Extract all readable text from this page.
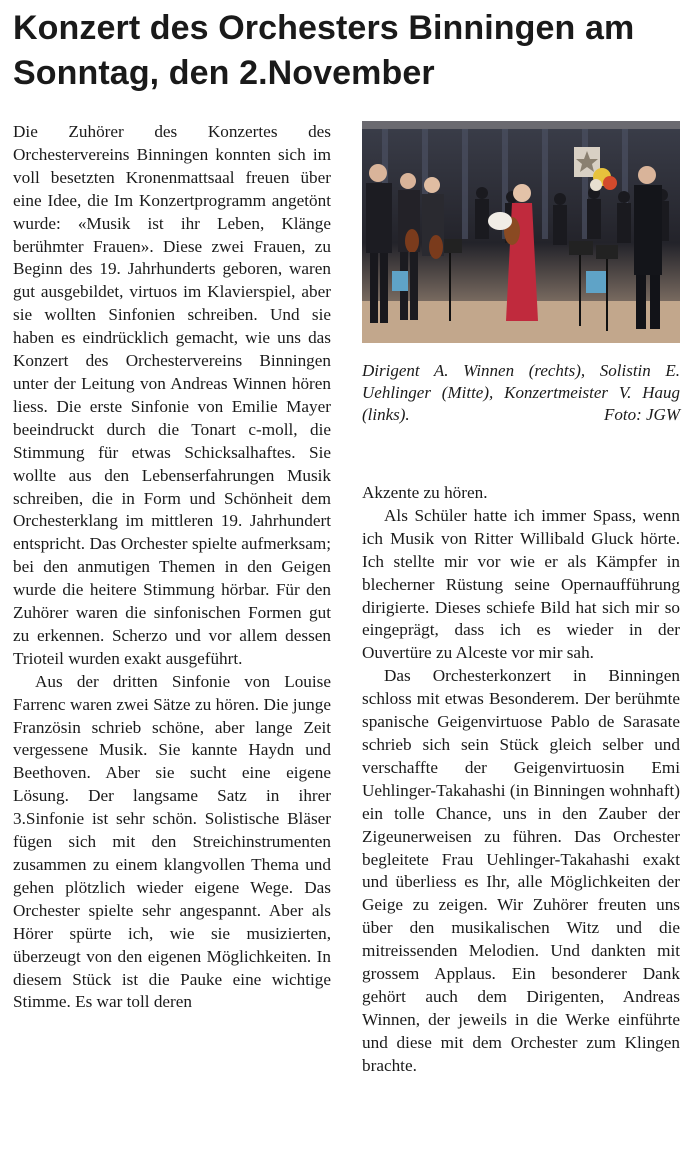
Konzert des Orchesters Binningen am Sonntag, den 2.November

Die Zuhörer des Konzertes des Orchestervereins Binningen konnten sich im voll besetzten Kronenmattsaal freuen über eine Idee, die Im Konzertprogramm angetönt wurde: «Musik ist ihr Leben, Klänge berühmter Frauen». Diese zwei Frauen, zu Beginn des 19. Jahrhunderts geboren, waren gut ausgebildet, virtuos im Klavierspiel, aber sie wollten Sinfonien schreiben. Und sie haben es eindrücklich gemacht, wie uns das Konzert des Orchestervereins Binningen unter der Leitung von Andreas Winnen hören liess. Die erste Sinfonie von Emilie Mayer beeindruckt durch die Tonart c-moll, die Stimmung für etwas Schicksalhaftes. Sie wollte aus den Lebenserfahrungen Musik schreiben, die in Form und Schönheit dem Orchesterklang im mittleren 19. Jahrhundert entspricht. Das Orchester spielte aufmerksam; bei den anmutigen Themen in den Geigen wurde die heitere Stimmung hörbar. Für den Zuhörer waren die sinfonischen Formen gut zu erkennen. Scherzo und vor allem dessen Trioteil wurden exakt ausgeführt.

Aus der dritten Sinfonie von Louise Farrenc waren zwei Sätze zu hören. Die junge Französin schrieb schöne, aber lange Zeit vergessene Musik. Sie kannte Haydn und Beethoven. Aber sie sucht eine eigene Lösung. Der langsame Satz in ihrer 3.Sinfonie ist sehr schön. Solistische Bläser fügen sich mit den Streichinstrumenten zusammen zu einem klangvollen Thema und gehen plötzlich wieder eigene Wege. Das Orchester spielte sehr angespannt. Aber als Hörer spürte ich, wie sie musizierten, überzeugt von den eigenen Möglichkeiten. In diesem Stück ist die Pauke eine wichtige Stimme. Es war toll deren

Dirigent A. Winnen (rechts), Solistin E. Uehlinger (Mitte), Konzertmeister V. Haug (links).	Foto: JGW

Akzente zu hören.

Als Schüler hatte ich immer Spass, wenn ich Musik von Ritter Willibald Gluck hörte. Ich stellte mir vor wie er als Kämpfer in blecherner Rüstung seine Opernaufführung dirigierte. Dieses schiefe Bild hat sich mir so eingeprägt, dass ich es wieder in der Ouvertüre zu Alceste vor mir sah.

Das Orchesterkonzert in Binningen schloss mit etwas Besonderem. Der berühmte spanische Geigenvirtuose Pablo de Sarasate schrieb sich sein Stück gleich selber und verschaffte der Geigenvirtuosin Emi Uehlinger-Takahashi (in Binningen wohnhaft) ein tolle Chance, uns in den Zauber der Zigeunerweisen zu führen. Das Orchester begleitete Frau Uehlinger-Takahashi exakt und überliess es Ihr, alle Möglichkeiten der Geige zu zeigen. Wir Zuhörer freuten uns über den musikalischen Witz und die mitreissenden Melodien. Und dankten mit grossem Applaus. Ein besonderer Dank gehört auch dem Dirigenten, Andreas Winnen, der jeweils in die Werke einführte und diese mit dem Orchester zum Klingen brachte.
